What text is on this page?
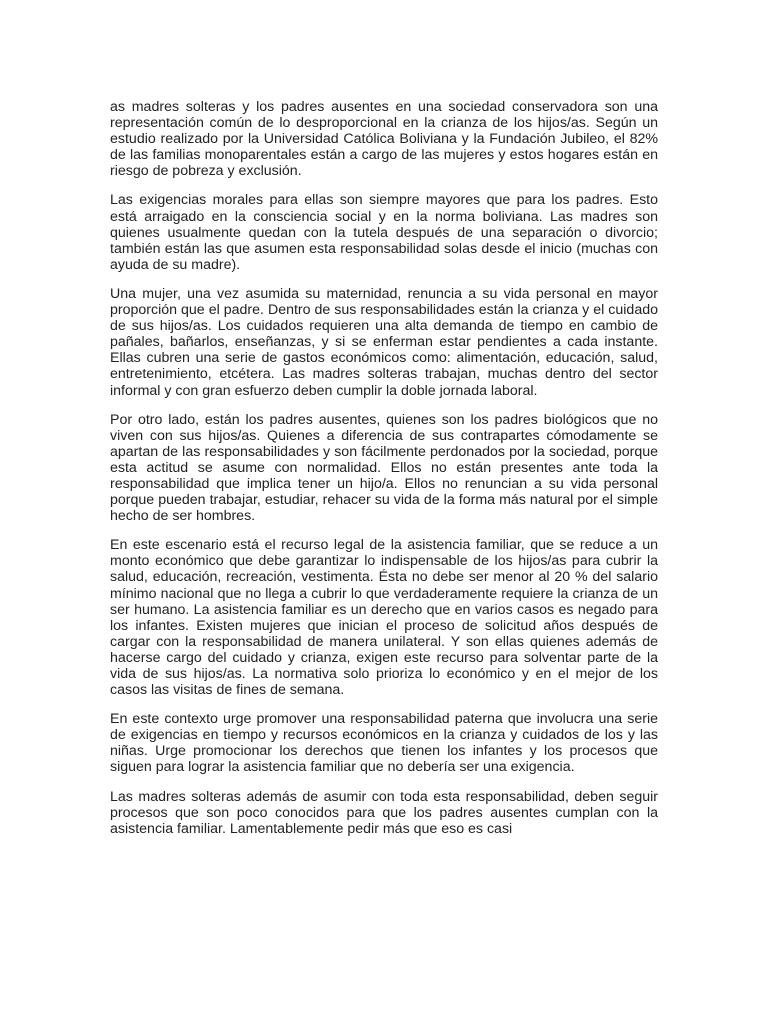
as madres solteras y los padres ausentes en una sociedad conservadora son una representación común de lo desproporcional en la crianza de los hijos/as. Según un estudio realizado por la Universidad Católica Boliviana y la Fundación Jubileo, el 82% de las familias monoparentales están a cargo de las mujeres y estos hogares están en riesgo de pobreza y exclusión.

Las exigencias morales para ellas son siempre mayores que para los padres. Esto está arraigado en la consciencia social y en la norma boliviana. Las madres son quienes usualmente quedan con la tutela después de una separación o divorcio; también están las que asumen esta responsabilidad solas desde el inicio (muchas con ayuda de su madre).

Una mujer, una vez asumida su maternidad, renuncia a su vida personal en mayor proporción que el padre. Dentro de sus responsabilidades están la crianza y el cuidado de sus hijos/as. Los cuidados requieren una alta demanda de tiempo en cambio de pañales, bañarlos, enseñanzas, y si se enferman estar pendientes a cada instante. Ellas cubren una serie de gastos económicos como: alimentación, educación, salud, entretenimiento, etcétera. Las madres solteras trabajan, muchas dentro del sector informal y con gran esfuerzo deben cumplir la doble jornada laboral.

Por otro lado, están los padres ausentes, quienes son los padres biológicos que no viven con sus hijos/as. Quienes a diferencia de sus contrapartes cómodamente se apartan de las responsabilidades y son fácilmente perdonados por la sociedad, porque esta actitud se asume con normalidad. Ellos no están presentes ante toda la responsabilidad que implica tener un hijo/a. Ellos no renuncian a su vida personal porque pueden trabajar, estudiar, rehacer su vida de la forma más natural por el simple hecho de ser hombres.

En este escenario está el recurso legal de la asistencia familiar, que se reduce a un monto económico que debe garantizar lo indispensable de los hijos/as para cubrir la salud, educación, recreación, vestimenta. Ésta no debe ser menor al 20 % del salario mínimo nacional que no llega a cubrir lo que verdaderamente requiere la crianza de un ser humano. La asistencia familiar es un derecho que en varios casos es negado para los infantes. Existen mujeres que inician el proceso de solicitud años después de cargar con la responsabilidad de manera unilateral. Y son ellas quienes además de hacerse cargo del cuidado y crianza, exigen este recurso para solventar parte de la vida de sus hijos/as. La normativa solo prioriza lo económico y en el mejor de los casos las visitas de fines de semana.

En este contexto urge promover una responsabilidad paterna que involucra una serie de exigencias en tiempo y recursos económicos en la crianza y cuidados de los y las niñas. Urge promocionar los derechos que tienen los infantes y los procesos que siguen para lograr la asistencia familiar que no debería ser una exigencia.

Las madres solteras además de asumir con toda esta responsabilidad, deben seguir procesos que son poco conocidos para que los padres ausentes cumplan con la asistencia familiar. Lamentablemente pedir más que eso es casi
